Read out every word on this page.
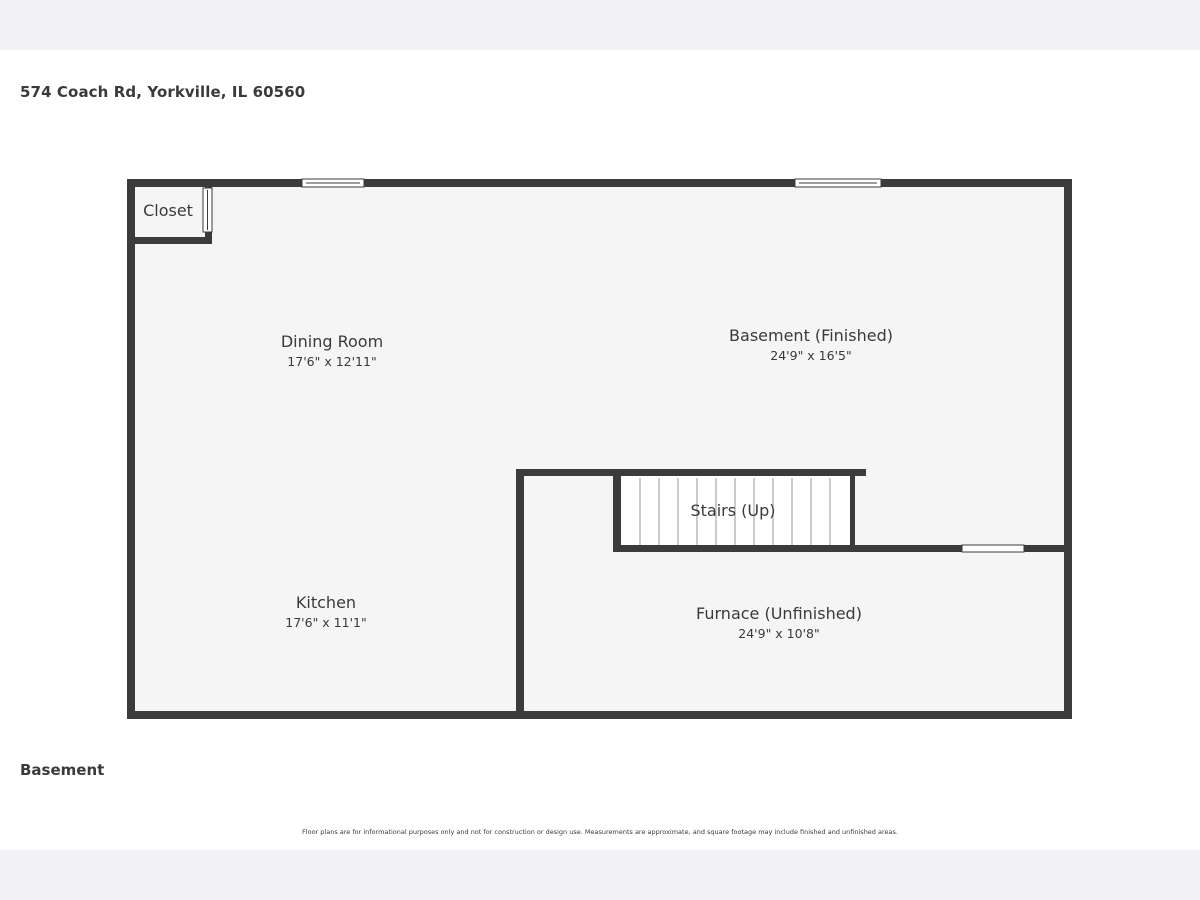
574 Coach Rd, Yorkville, IL 60560
Closet
Dining Room
17'6" x 12'11"
Basement (Finished)
24'9" x 16'5"
Stairs (Up)
Kitchen
17'6" x 11'1"	Furnace (Unfinished)
24'9" x 10'8"
Basement
Floor plans are for informational purposes only and not for construction or design use. Measurements are approximate, and square footage may include finished and unfinished areas.
